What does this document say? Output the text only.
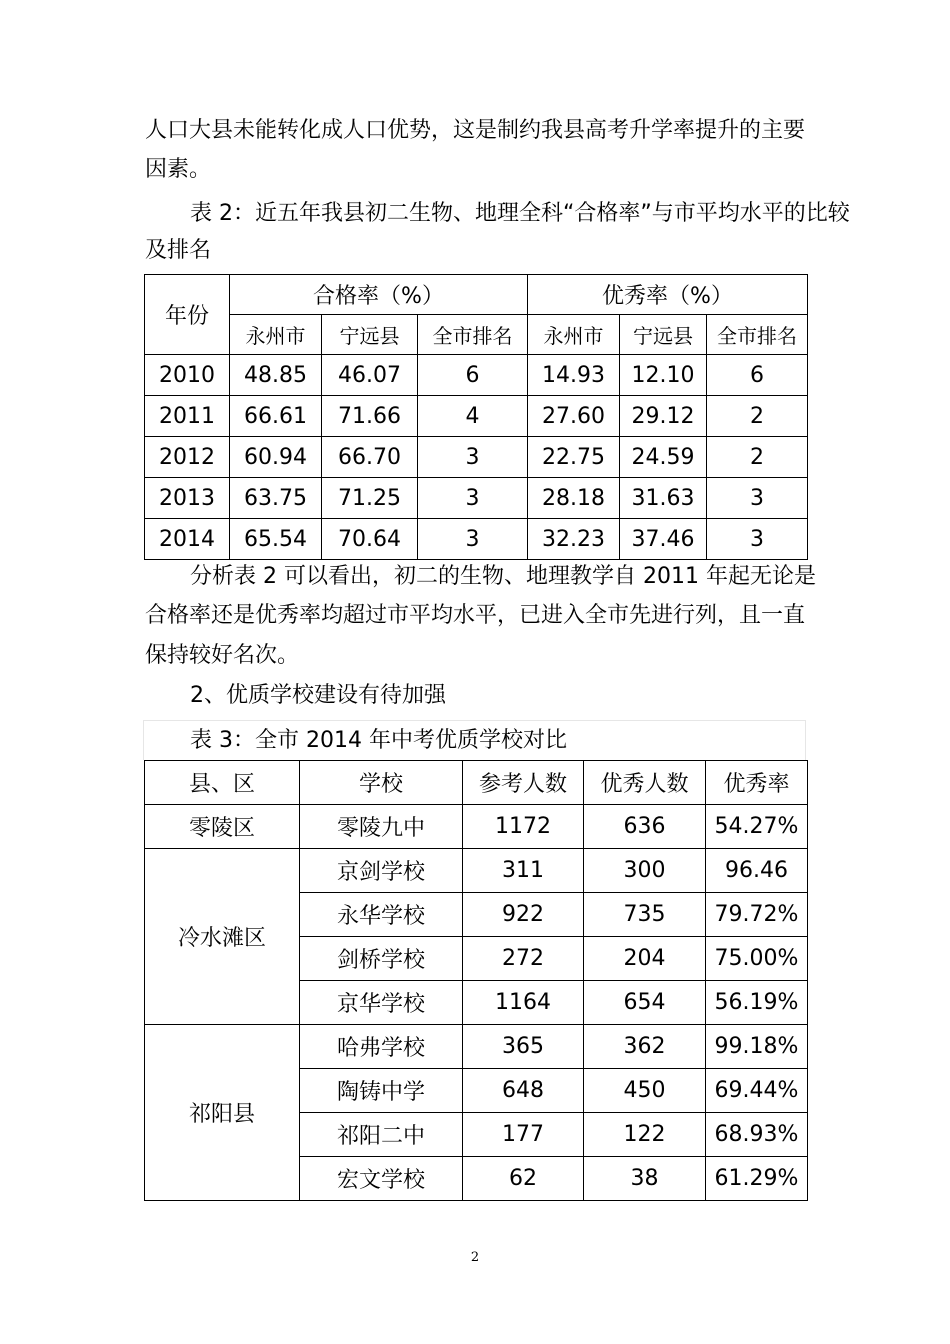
人口大县未能转化成人口优势，这是制约我县高考升学率提升的主要
因素。
表 2：近五年我县初二生物、地理全科“合格率”与市平均水平的比较
及排名
年份	合格率（%）			优秀率（%）		
	永州市	宁远县	全市排名	永州市	宁远县	全市排名
2010	48.85	46.07	6	14.93	12.10	6
2011	66.61	71.66	4	27.60	29.12	2
2012	60.94	66.70	3	22.75	24.59	2
2013	63.75	71.25	3	28.18	31.63	3
2014	65.54	70.64	3	32.23	37.46	3
分析表 2 可以看出，初二的生物、地理教学自 2011 年起无论是
合格率还是优秀率均超过市平均水平，已进入全市先进行列，且一直
保持较好名次。
2、优质学校建设有待加强
表 3：全市 2014 年中考优质学校对比
县、区	学校	参考人数	优秀人数	优秀率
零陵区	零陵九中	1172	636	54.27%
冷水滩区	京剑学校	311	300	96.46
	永华学校	922	735	79.72%
	剑桥学校	272	204	75.00%
	京华学校	1164	654	56.19%
祁阳县	哈弗学校	365	362	99.18%
	陶铸中学	648	450	69.44%
	祁阳二中	177	122	68.93%
	宏文学校	62	38	61.29%
2
